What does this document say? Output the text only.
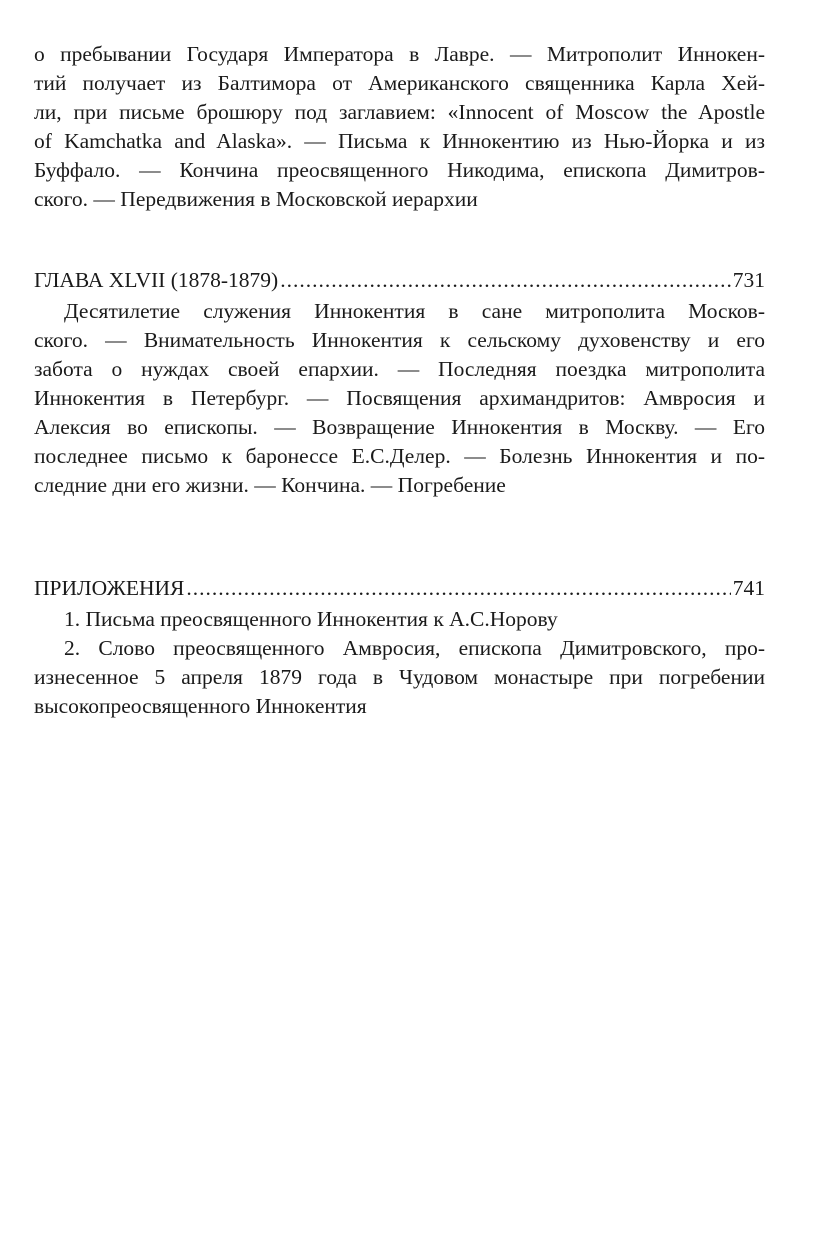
о пребывании Государя Императора в Лавре. — Митрополит Иннокен-
тий получает из Балтимора от Американского священника Карла Хей-
ли, при письме брошюру под заглавием: «Innocent of Moscow the Apostle
of Kamchatka and Alaska». — Письма к Иннокентию из Нью-Йорка и из
Буффало. — Кончина преосвященного Никодима, епископа Димитров-
ского. — Передвижения в Московской иерархии
ГЛАВА XLVII (1878-1879) .....	731
Десятилетие служения Иннокентия в сане митрополита Москов-
ского. — Внимательность Иннокентия к сельскому духовенству и его
забота о нуждах своей епархии. — Последняя поездка митрополита
Иннокентия в Петербург. — Посвящения архимандритов: Амвросия и
Алексия во епископы. — Возвращение Иннокентия в Москву. — Его
последнее письмо к баронессе Е.С.Делер. — Болезнь Иннокентия и по-
следние дни его жизни. — Кончина. — Погребение
ПРИЛОЖЕНИЯ .....	741
1. Письма преосвященного Иннокентия к А.С.Норову
2. Слово преосвященного Амвросия, епископа Димитровского, про-
изнесенное 5 апреля 1879 года в Чудовом монастыре при погребении
высокопреосвященного Иннокентия
